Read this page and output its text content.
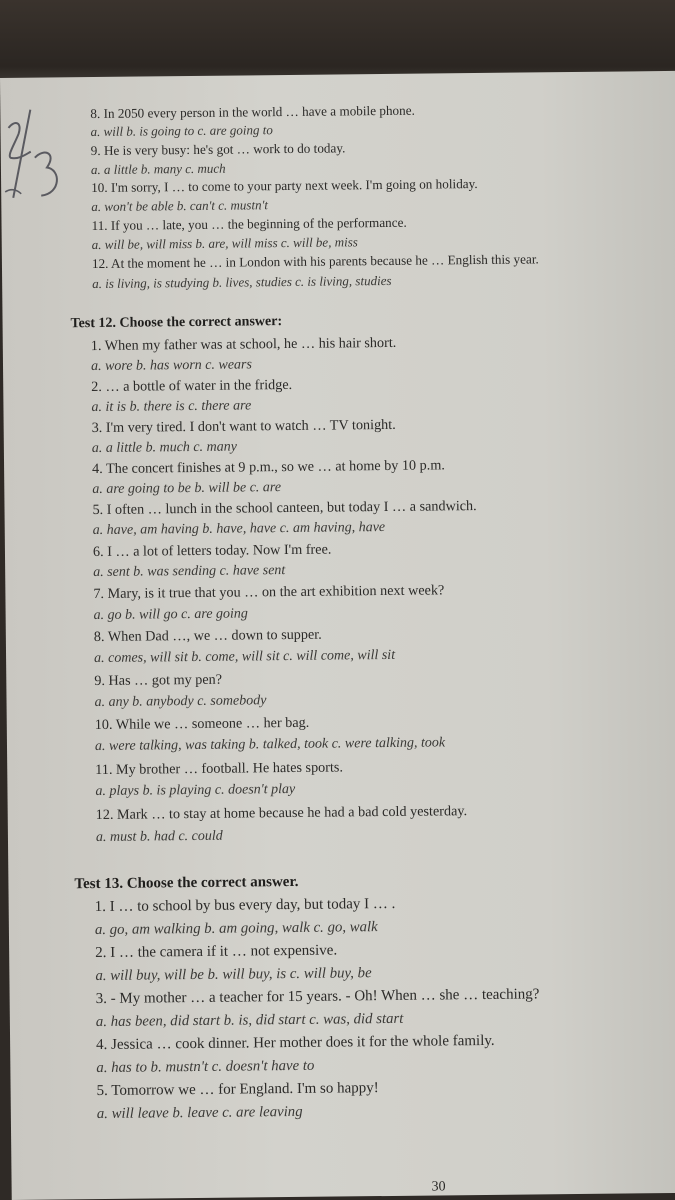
8. In 2050 every person in the world … have a mobile phone.
a. will b. is going to c. are going to
9. He is very busy: he's got … work to do today.
a. a little b. many c. much
10. I'm sorry, I … to come to your party next week. I'm going on holiday.
a. won't be able b. can't c. mustn't
11. If you … late, you … the beginning of the performance.
a. will be, will miss b. are, will miss c. will be, miss
12. At the moment he … in London with his parents because he … English this year.
a. is living, is studying b. lives, studies c. is living, studies
Test 12. Choose the correct answer:
1. When my father was at school, he … his hair short.
a. wore b. has worn c. wears
2. … a bottle of water in the fridge.
a. it is b. there is c. there are
3. I'm very tired. I don't want to watch … TV tonight.
a. a little b. much c. many
4. The concert finishes at 9 p.m., so we … at home by 10 p.m.
a. are going to be b. will be c. are
5. I often … lunch in the school canteen, but today I … a sandwich.
a. have, am having b. have, have c. am having, have
6. I … a lot of letters today. Now I'm free.
a. sent b. was sending c. have sent
7. Mary, is it true that you … on the art exhibition next week?
a. go b. will go c. are going
8. When Dad …, we … down to supper.
a. comes, will sit b. come, will sit c. will come, will sit
9. Has … got my pen?
a. any b. anybody c. somebody
10. While we … someone … her bag.
a. were talking, was taking b. talked, took c. were talking, took
11. My brother … football. He hates sports.
a. plays b. is playing c. doesn't play
12. Mark … to stay at home because he had a bad cold yesterday.
a. must b. had c. could
Test 13. Choose the correct answer.
1. I … to school by bus every day, but today I … .
a. go, am walking b. am going, walk c. go, walk
2. I … the camera if it … not expensive.
a. will buy, will be b. will buy, is c. will buy, be
3. - My mother … a teacher for 15 years. - Oh! When … she … teaching?
a. has been, did start b. is, did start c. was, did start
4. Jessica … cook dinner. Her mother does it for the whole family.
a. has to b. mustn't c. doesn't have to
5. Tomorrow we … for England. I'm so happy!
a. will leave b. leave c. are leaving
30
